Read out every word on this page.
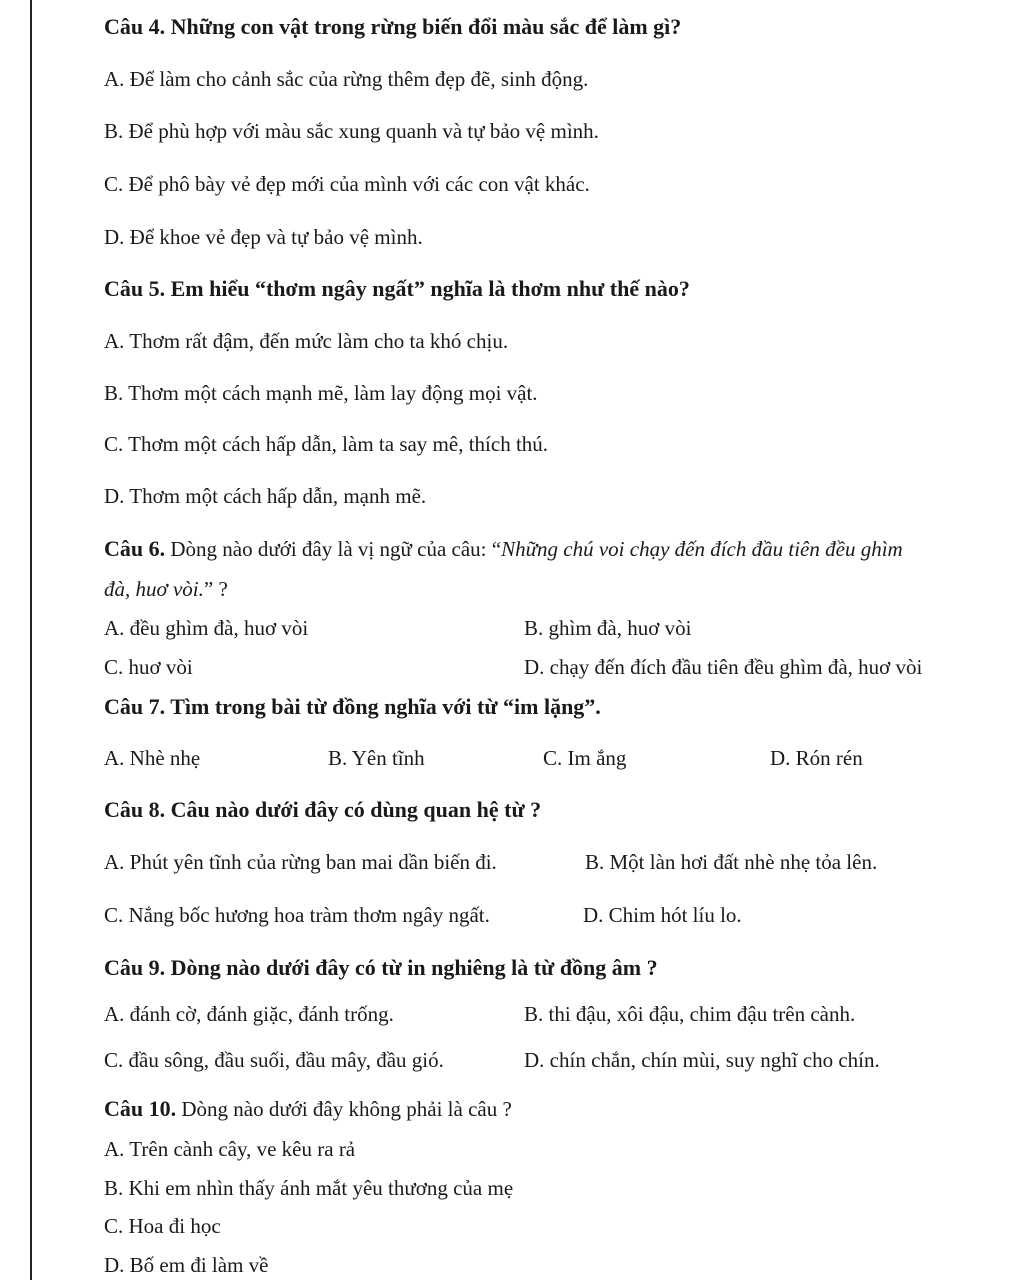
Câu 4. Những con vật trong rừng biến đổi màu sắc để làm gì?
A. Để làm cho cảnh sắc của rừng thêm đẹp đẽ, sinh động.
B. Để phù hợp với màu sắc xung quanh và tự bảo vệ mình.
C. Để phô bày vẻ đẹp mới của mình với các con vật khác.
D. Để khoe vẻ đẹp và tự bảo vệ mình.
Câu 5. Em hiểu “thơm ngây ngất” nghĩa là thơm như thế nào?
A. Thơm rất đậm, đến mức làm cho ta khó chịu.
B. Thơm một cách mạnh mẽ, làm lay động mọi vật.
C. Thơm một cách hấp dẫn, làm ta say mê, thích thú.
D. Thơm một cách hấp dẫn, mạnh mẽ.
Câu 6. Dòng nào dưới đây là vị ngữ của câu: “Những chú voi chạy đến đích đầu tiên đều ghìm
đà, huơ vòi.” ?
A. đều ghìm đà, huơ vòi	B. ghìm đà, huơ vòi
C. huơ vòi	D. chạy đến đích đầu tiên đều ghìm đà, huơ vòi
Câu 7. Tìm trong bài từ đồng nghĩa với từ “im lặng”.
A. Nhè nhẹ	B. Yên tĩnh	C. Im ắng	D. Rón rén
Câu 8. Câu nào dưới đây có dùng quan hệ từ ?
A. Phút yên tĩnh của rừng ban mai dần biến đi.	B. Một làn hơi đất nhè nhẹ tỏa lên.
C. Nắng bốc hương hoa tràm thơm ngây ngất.	D. Chim hót líu lo.
Câu 9. Dòng nào dưới đây có từ in nghiêng là từ đồng âm ?
A. đánh cờ, đánh giặc, đánh trống.	B. thi đậu, xôi đậu, chim đậu trên cành.
C. đầu sông, đầu suối, đầu mây, đầu gió.	D. chín chắn, chín mùi, suy nghĩ cho chín.
Câu 10. Dòng nào dưới đây không phải là câu ?
A. Trên cành cây, ve kêu ra rả
B. Khi em nhìn thấy ánh mắt yêu thương của mẹ
C. Hoa đi học
D. Bố em đi làm về
